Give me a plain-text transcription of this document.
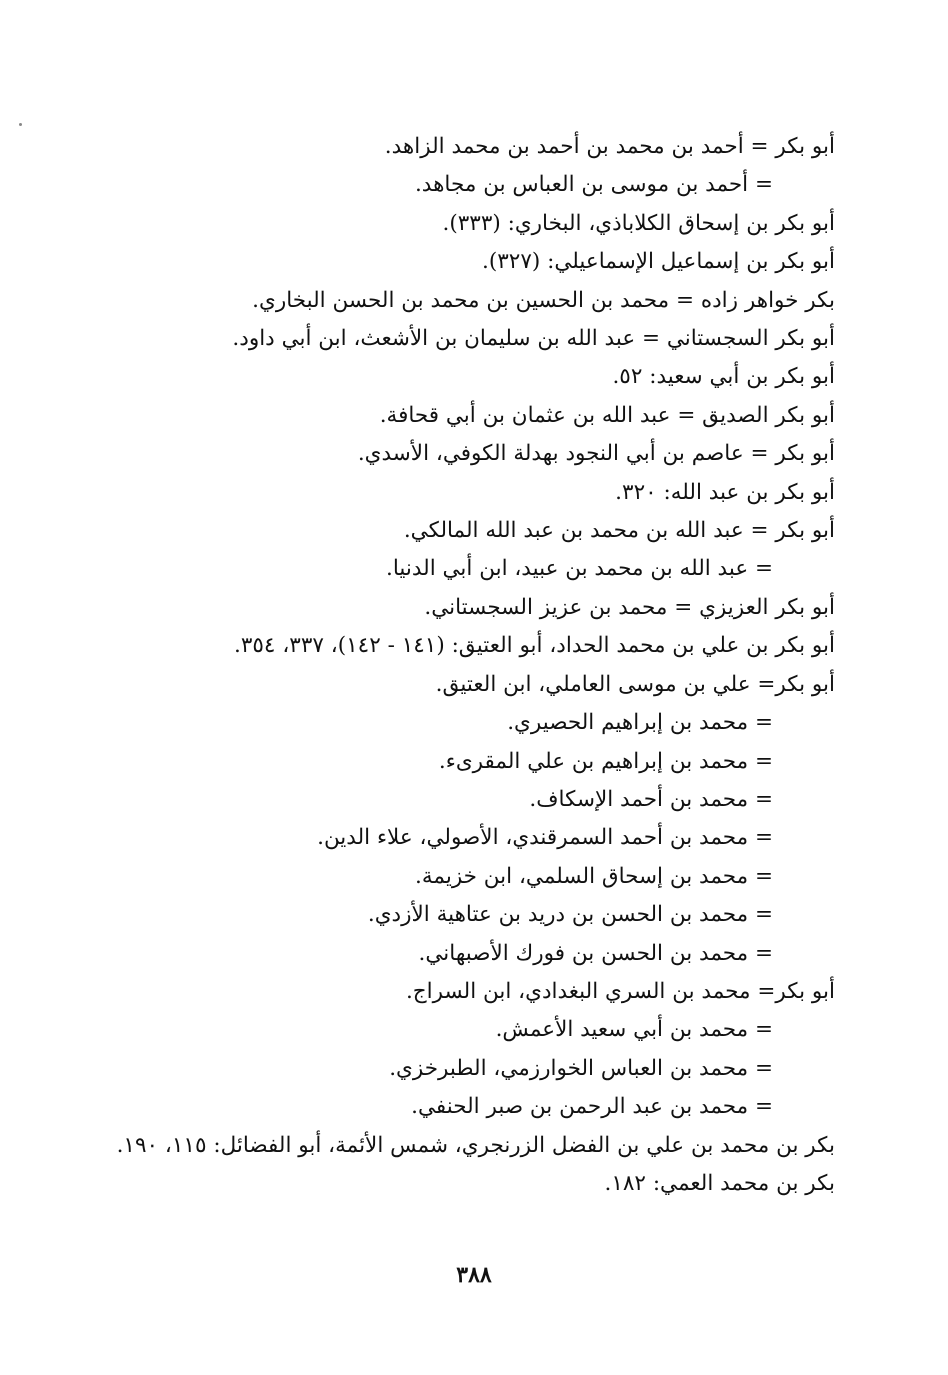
أبو بكر = أحمد بن محمد بن أحمد بن محمد الزاهد.
= أحمد بن موسى بن العباس بن مجاهد.
أبو بكر بن إسحاق الكلاباذي، البخاري: (٣٣٣).
أبو بكر بن إسماعيل الإسماعيلي: (٣٢٧).
بكر خواهر زاده = محمد بن الحسين بن محمد بن الحسن البخاري.
أبو بكر السجستاني = عبد الله بن سليمان بن الأشعث، ابن أبي داود.
أبو بكر بن أبي سعيد: ٥٢.
أبو بكر الصديق = عبد الله بن عثمان بن أبي قحافة.
أبو بكر = عاصم بن أبي النجود بهدلة الكوفي، الأسدي.
أبو بكر بن عبد الله: ٣٢٠.
أبو بكر = عبد الله بن محمد بن عبد الله المالكي.
= عبد الله بن محمد بن عبيد، ابن أبي الدنيا.
أبو بكر العزيزي = محمد بن عزيز السجستاني.
أبو بكر بن علي بن محمد الحداد، أبو العتيق: (١٤١ - ١٤٢)، ٣٣٧، ٣٥٤.
أبو بكر= علي بن موسى العاملي، ابن العتيق.
= محمد بن إبراهيم الحصيري.
= محمد بن إبراهيم بن علي المقرىء.
= محمد بن أحمد الإسكاف.
= محمد بن أحمد السمرقندي، الأصولي، علاء الدين.
= محمد بن إسحاق السلمي، ابن خزيمة.
= محمد بن الحسن بن دريد بن عتاهية الأزدي.
= محمد بن الحسن بن فورك الأصبهاني.
أبو بكر= محمد بن السري البغدادي، ابن السراج.
= محمد بن أبي سعيد الأعمش.
= محمد بن العباس الخوارزمي، الطبرخزي.
= محمد بن عبد الرحمن بن صبر الحنفي.
بكر بن محمد بن علي بن الفضل الزرنجري، شمس الأئمة، أبو الفضائل: ١١٥، ١٩٠.
بكر بن محمد العمي: ١٨٢.
٣٨٨
